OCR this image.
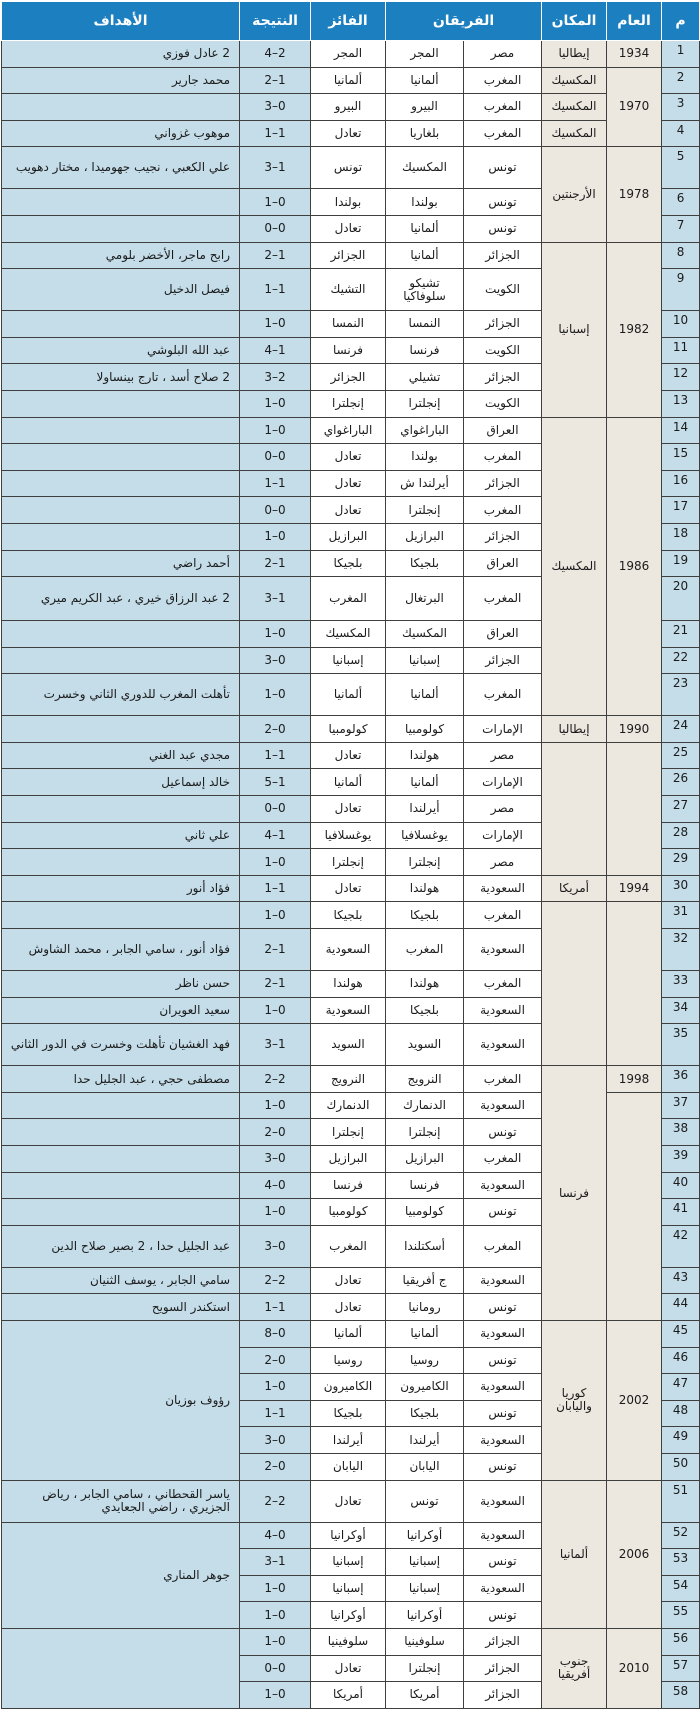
م	العام	المكان	الفريقان		الفائز	النتيجة	الأهداف
1	1934	إيطاليا	مصر	المجر	المجر	4–2	2 عادل فوزي
2	1970	المكسيك	المغرب	ألمانيا	ألمانيا	2–1	محمد جارير
3		المكسيك	المغرب	البيرو	البيرو	3–0	
4		المكسيك	المغرب	بلغاريا	تعادل	1–1	موهوب غزواني
5	1978	الأرجنتين	تونس	المكسيك	تونس	3–1	علي الكعبي ، نجيب جهوميدا ، مختار دهويب
6			تونس	بولندا	بولندا	1–0	
7			تونس	ألمانيا	تعادل	0–0	
8	1982	إسبانيا	الجزائر	ألمانيا	الجزائر	2–1	رابح ماجر، الأخضر بلومي
9			الكويت	تشيكو سلوفاكيا	التشيك	1–1	فيصل الدخيل
10			الجزائر	النمسا	النمسا	1–0	
11			الكويت	فرنسا	فرنسا	4–1	عبد الله البلوشي
12			الجزائر	تشيلي	الجزائر	3–2	2 صلاح أسد ، تارج بينساولا
13			الكويت	إنجلترا	إنجلترا	1–0	
14	1986	المكسيك	العراق	الباراغواي	الباراغواي	1–0	
15			المغرب	بولندا	تعادل	0–0	
16			الجزائر	أيرلندا ش	تعادل	1–1	
17			المغرب	إنجلترا	تعادل	0–0	
18			الجزائر	البرازيل	البرازيل	1–0	
19			العراق	بلجيكا	بلجيكا	2–1	أحمد راضي
20			المغرب	البرتغال	المغرب	3–1	2 عبد الرزاق خيري ، عبد الكريم ميري
21			العراق	المكسيك	المكسيك	1–0	
22			الجزائر	إسبانيا	إسبانيا	3–0	
23			المغرب	ألمانيا	ألمانيا	1–0	تأهلت المغرب للدوري الثاني وخسرت
24	1990	إيطاليا	الإمارات	كولومبيا	كولومبيا	2–0	
25			مصر	هولندا	تعادل	1–1	مجدي عبد الغني
26			الإمارات	ألمانيا	ألمانيا	5–1	خالد إسماعيل
27			مصر	أيرلندا	تعادل	0–0	
28			الإمارات	يوغسلافيا	يوغسلافيا	4–1	علي ثاني
29			مصر	إنجلترا	إنجلترا	1–0	
30	1994	أمريكا	السعودية	هولندا	تعادل	1–1	فؤاد أنور
31			المغرب	بلجيكا	بلجيكا	1–0	
32			السعودية	المغرب	السعودية	2–1	فؤاد أنور ، سامي الجابر ، محمد الشاوش
33			المغرب	هولندا	هولندا	2–1	حسن ناظر
34			السعودية	بلجيكا	السعودية	1–0	سعيد العويران
35			السعودية	السويد	السويد	3–1	فهد الغشيان تأهلت وخسرت في الدور الثاني
36	1998	فرنسا	المغرب	النرويج	النرويج	2–2	مصطفى حجي ، عبد الجليل حدا
37			السعودية	الدنمارك	الدنمارك	1–0	
38			تونس	إنجلترا	إنجلترا	2–0	
39			المغرب	البرازيل	البرازيل	3–0	
40			السعودية	فرنسا	فرنسا	4–0	
41			تونس	كولومبيا	كولومبيا	1–0	
42			المغرب	أسكتلندا	المغرب	3–0	عبد الجليل حدا ، 2 بصير صلاح الدين
43			السعودية	ج أفريقيا	تعادل	2–2	سامي الجابر ، يوسف الثنيان
44			تونس	رومانيا	تعادل	1–1	استكندر السويح
45	2002	كوريا واليابان	السعودية	ألمانيا	ألمانيا	8–0	رؤوف بوزيان
46			تونس	روسيا	روسيا	2–0	
47			السعودية	الكاميرون	الكاميرون	1–0	
48			تونس	بلجيكا	بلجيكا	1–1	
49			السعودية	أيرلندا	أيرلندا	3–0	
50			تونس	اليابان	اليابان	2–0	
51	2006	ألمانيا	السعودية	تونس	تعادل	2–2	ياسر القحطاني ، سامي الجابر ، رياض الجزيري ، راضي الجعايدي
52			السعودية	أوكرانيا	أوكرانيا	4–0	جوهر المناري
53			تونس	إسبانيا	إسبانيا	3–1	
54			السعودية	إسبانيا	إسبانيا	1–0	
55			تونس	أوكرانيا	أوكرانيا	1–0	
56	2010	جنوب أفريقيا	الجزائر	سلوفينيا	سلوفينيا	1–0	
57			الجزائر	إنجلترا	تعادل	0–0	
58			الجزائر	أمريكا	أمريكا	1–0	
